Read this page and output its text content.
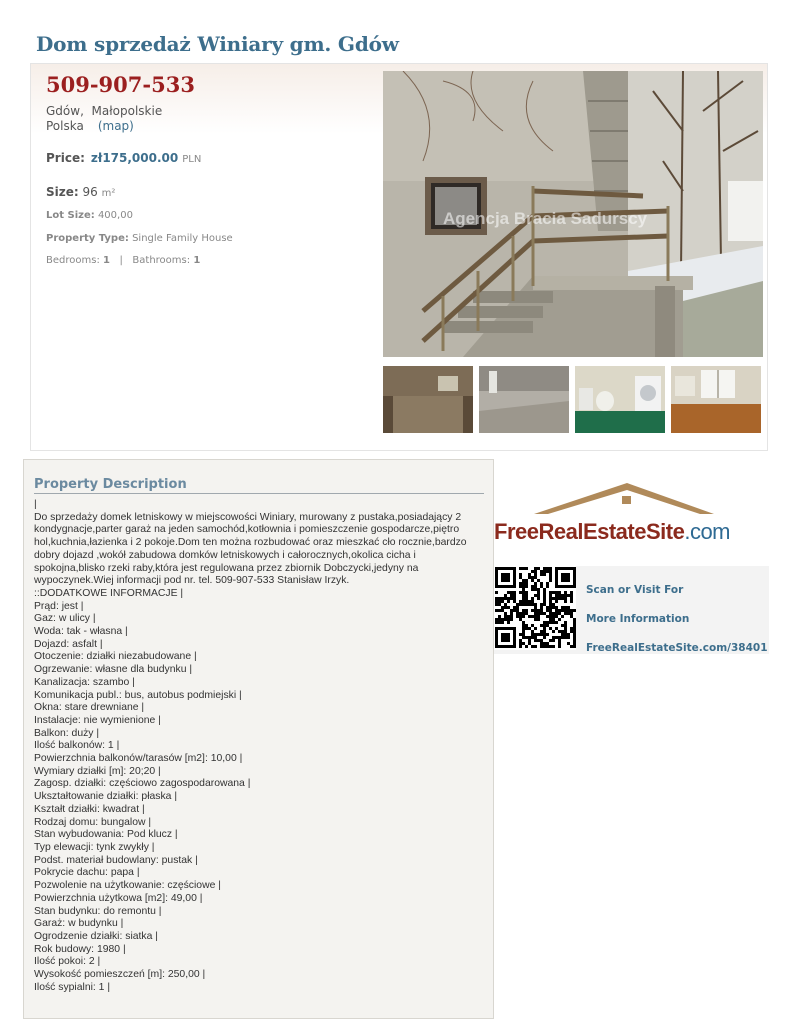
Dom sprzedaż Winiary gm. Gdów
509-907-533
Gdów, Małopolskie
Polska (map)
Price: zł175,000.00 PLN
Size: 96 m²
Lot Size: 400,00
Property Type: Single Family House
Bedrooms: 1   |   Bathrooms: 1
Agencja Bracia Sadurscy
Property Description
|
Do sprzedaży domek letniskowy w miejscowości Winiary, murowany z pustaka,posiadający 2 kondygnacje,parter garaż na jeden samochód,kotłownia i pomieszczenie gospodarcze,piętro hol,kuchnia,łazienka i 2 pokoje.Dom ten można rozbudować oraz mieszkać cło rocznie,bardzo dobry dojazd ,wokół zabudowa domków letniskowych i całorocznych,okolica cicha i spokojna,blisko rzeki raby,która jest regulowana przez zbiornik Dobczycki,jedyny na wypoczynek.Wiej informacji pod nr. tel. 509-907-533 Stanisław Irzyk.
::DODATKOWE INFORMACJE |
Prąd: jest |
Gaz: w ulicy |
Woda: tak - własna |
Dojazd: asfalt |
Otoczenie: działki niezabudowane |
Ogrzewanie: własne dla budynku |
Kanalizacja: szambo |
Komunikacja publ.: bus, autobus podmiejski |
Okna: stare drewniane |
Instalacje: nie wymienione |
Balkon: duży |
Ilość balkonów: 1 |
Powierzchnia balkonów/tarasów [m2]: 10,00 |
Wymiary działki [m]: 20;20 |
Zagosp. działki: częściowo zagospodarowana |
Ukształtowanie działki: płaska |
Kształt działki: kwadrat |
Rodzaj domu: bungalow |
Stan wybudowania: Pod klucz |
Typ elewacji: tynk zwykły |
Podst. materiał budowlany: pustak |
Pokrycie dachu: papa |
Pozwolenie na użytkowanie: częściowe |
Powierzchnia użytkowa [m2]: 49,00 |
Stan budynku: do remontu |
Garaż: w budynku |
Ogrodzenie działki: siatka |
Rok budowy: 1980 |
Ilość pokoi: 2 |
Wysokość pomieszczeń [m]: 250,00 |
Ilość sypialni: 1 |
FreeRealEstateSite.com
Scan or Visit For
More Information
FreeRealEstateSite.com/38401
